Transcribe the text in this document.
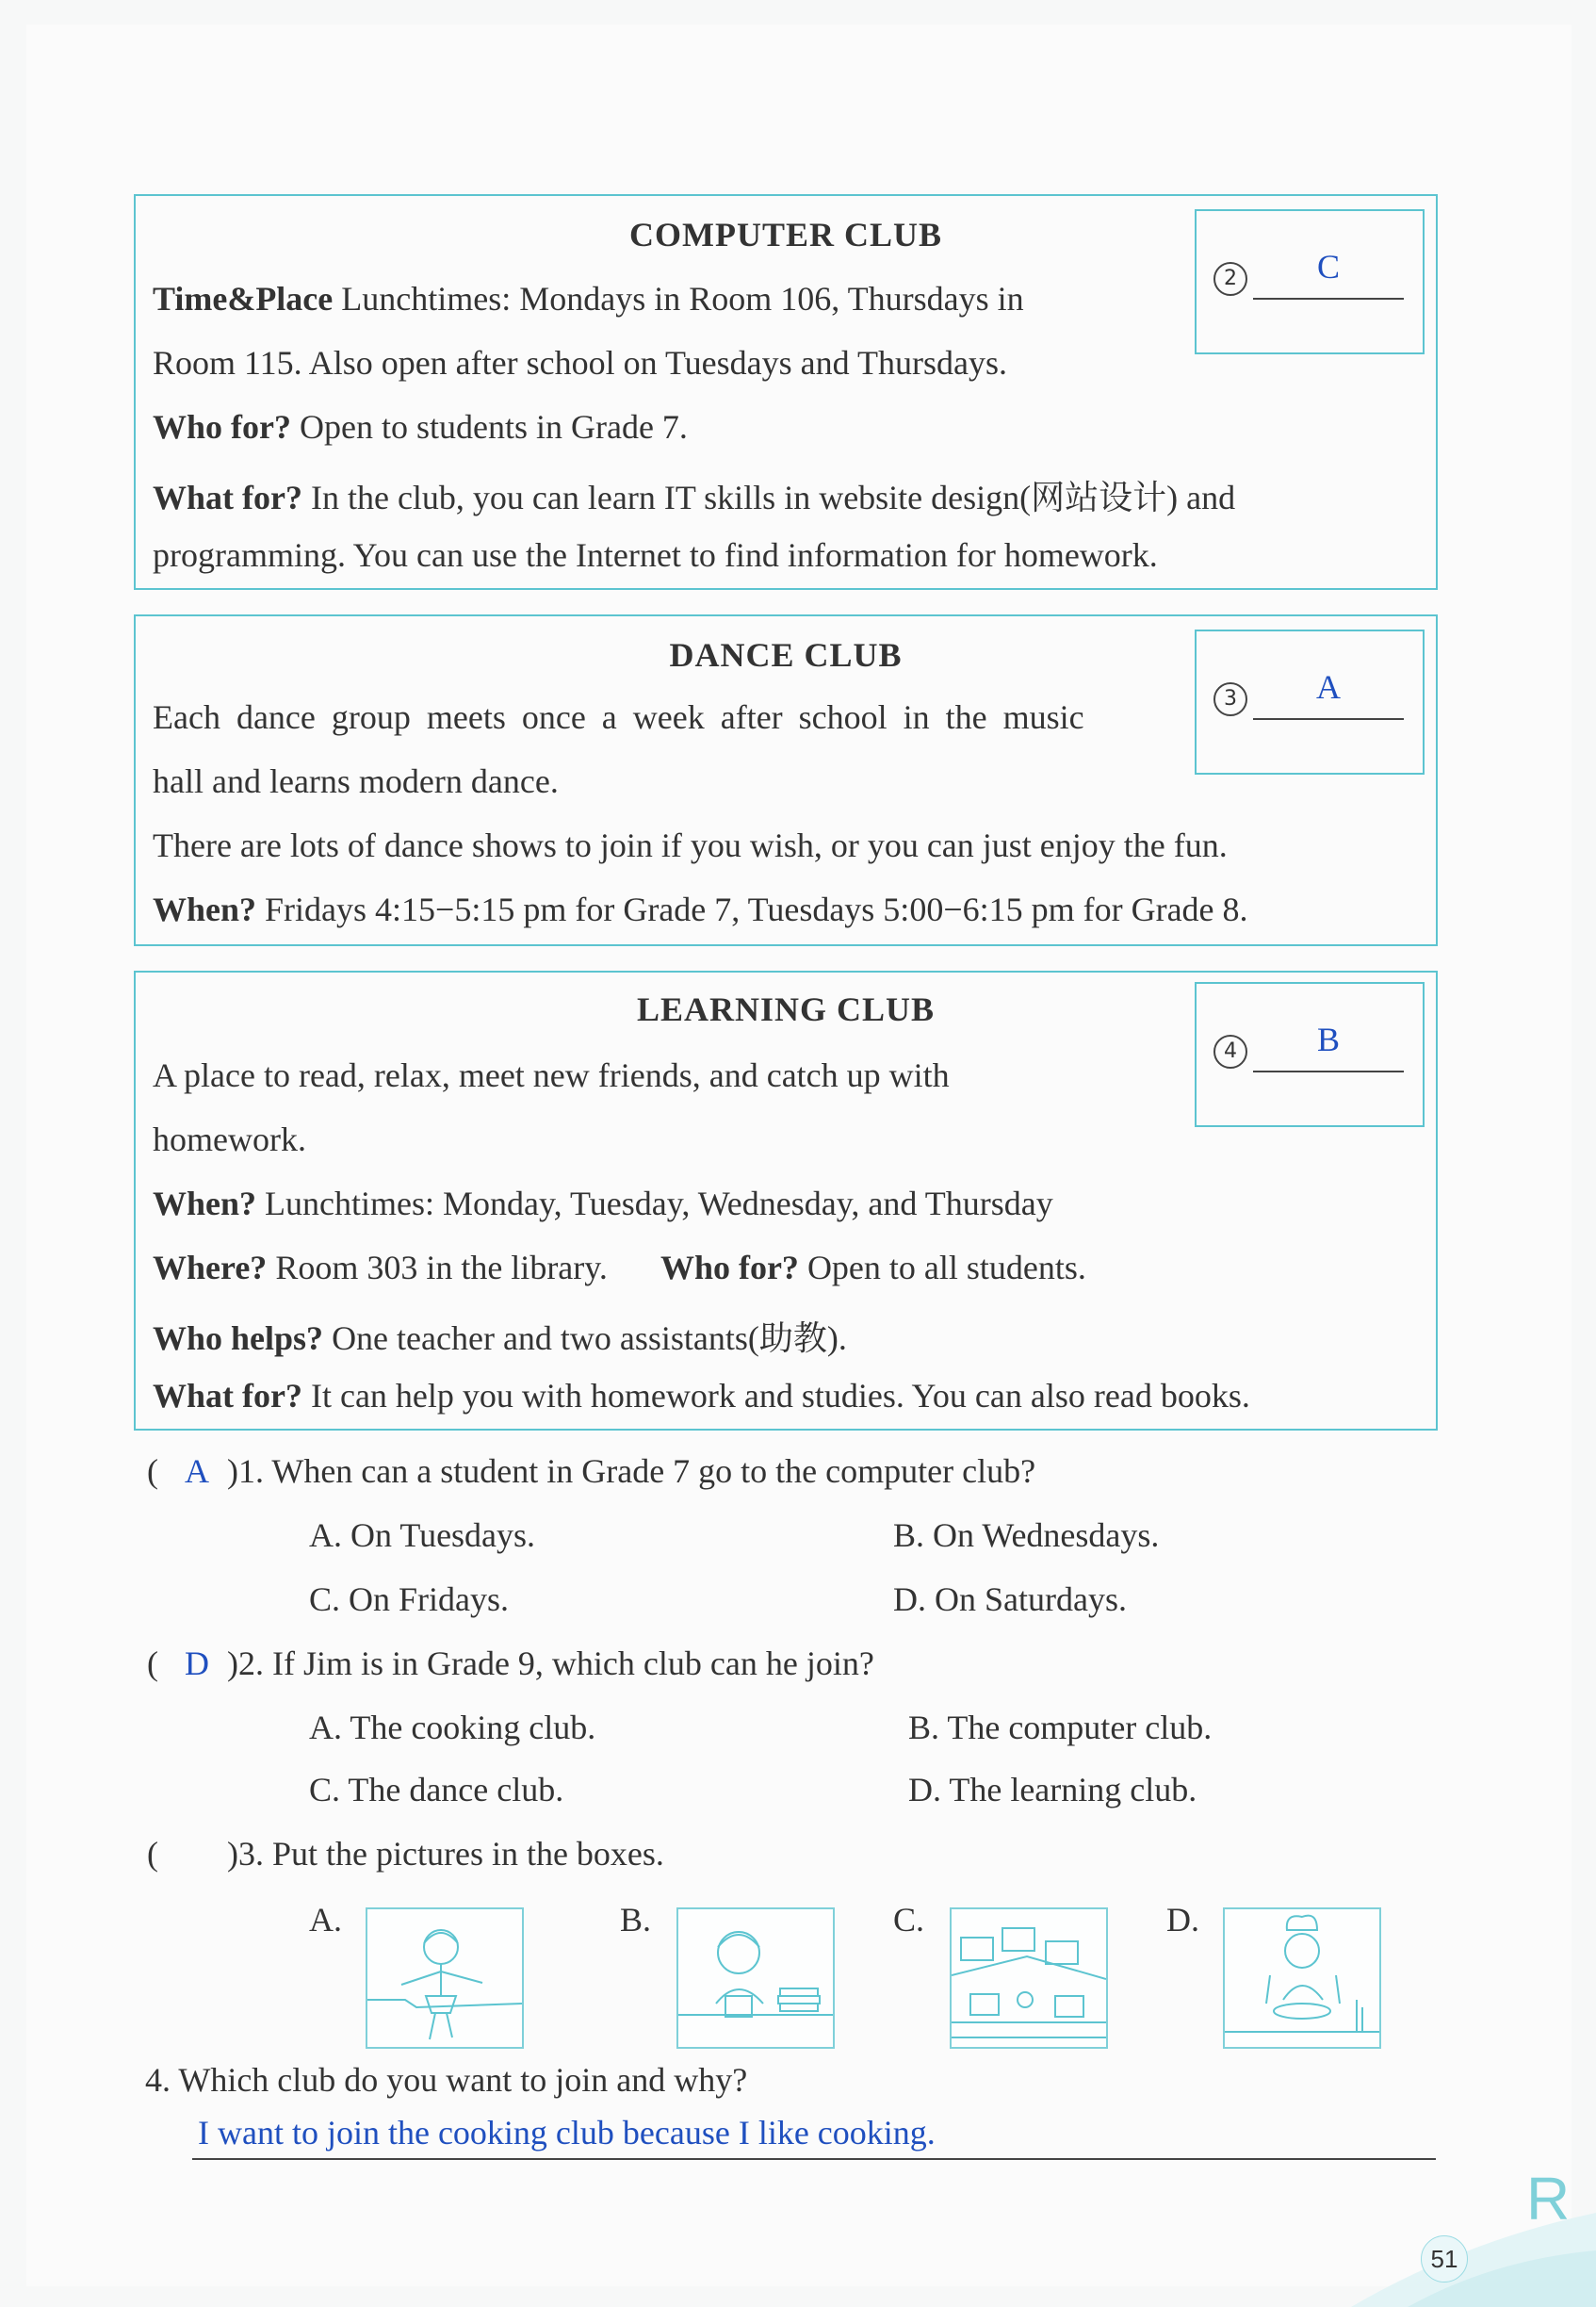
COMPUTER CLUB
2	C
Time&Place Lunchtimes: Mondays in Room 106, Thursdays in
Room 115. Also open after school on Tuesdays and Thursdays.
Who for? Open to students in Grade 7.
What for? In the club, you can learn IT skills in website design(网站设计) and
programming. You can use the Internet to find information for homework.
DANCE CLUB
3	A
Each dance group meets once a week after school in the music
hall and learns modern dance.
There are lots of dance shows to join if you wish, or you can just enjoy the fun.
When? Fridays 4:15−5:15 pm for Grade 7, Tuesdays 5:00−6:15 pm for Grade 8.
LEARNING CLUB
4	B
A place to read, relax, meet new friends, and catch up with
homework.
When? Lunchtimes: Monday, Tuesday, Wednesday, and Thursday
Where? Room 303 in the library. Who for? Open to all students.
Who helps? One teacher and two assistants(助教).
What for? It can help you with homework and studies. You can also read books.
( A )1. When can a student in Grade 7 go to the computer club?
A. On Tuesdays.	B. On Wednesdays.
C. On Fridays.	D. On Saturdays.
( D )2. If Jim is in Grade 9, which club can he join?
A. The cooking club.	B. The computer club.
C. The dance club.	D. The learning club.
( )3. Put the pictures in the boxes.
A.	B.	C.	D.
4. Which club do you want to join and why?
I want to join the cooking club because I like cooking.
R
51
